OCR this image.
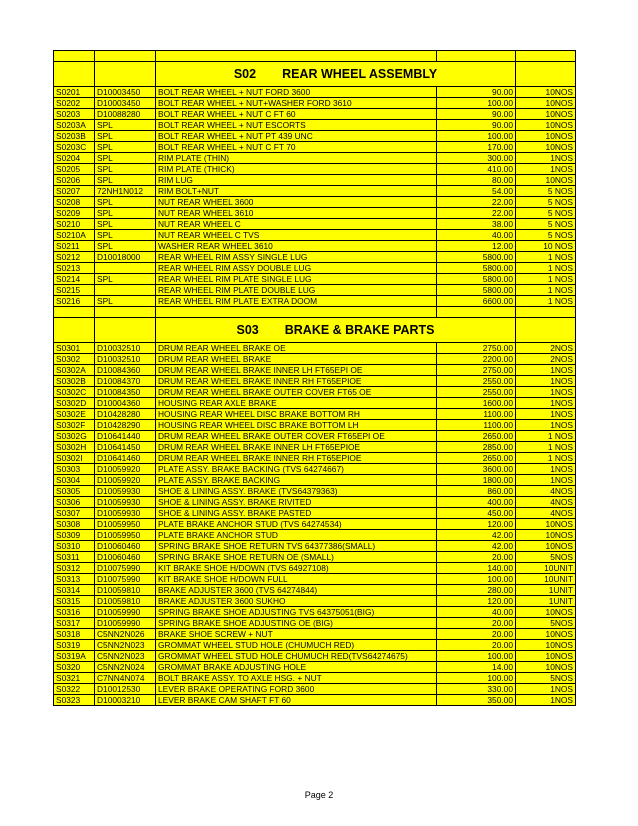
		S02 REAR WHEEL ASSEMBLY		
S0201	D10003450	BOLT REAR WHEEL + NUT FORD 3600	90.00	10NOS
S0202	D10003450	BOLT REAR WHEEL + NUT+WASHER FORD 3610	100.00	10NOS
S0203	D10088280	BOLT REAR WHEEL + NUT C FT 60	90.00	10NOS
S0203A	SPL	BOLT REAR WHEEL + NUT ESCORTS	90.00	10NOS
S0203B	SPL	BOLT REAR WHEEL + NUT PT 439 UNC	100.00	10NOS
S0203C	SPL	BOLT REAR WHEEL + NUT C FT 70	170.00	10NOS
S0204	SPL	RIM PLATE (THIN)	300.00	1NOS
S0205	SPL	RIM PLATE (THICK)	410.00	1NOS
S0206	SPL	RIM LUG	80.00	10NOS
S0207	72NH1N012	RIM BOLT+NUT	54.00	5 NOS
S0208	SPL	NUT REAR WHEEL 3600	22.00	5 NOS
S0209	SPL	NUT REAR WHEEL 3610	22.00	5 NOS
S0210	SPL	NUT REAR WHEEL C	38.00	5 NOS
S0210A	SPL	NUT REAR WHEEL C TVS	40.00	5 NOS
S0211	SPL	WASHER REAR WHEEL 3610	12.00	10 NOS
S0212	D10018000	REAR WHEEL RIM ASSY SINGLE LUG	5800.00	1 NOS
S0213		REAR WHEEL RIM ASSY DOUBLE LUG	5800.00	1 NOS
S0214	SPL	REAR WHEEL RIM PLATE SINGLE LUG	5800.00	1 NOS
S0215		REAR WHEEL RIM PLATE DOUBLE LUG	5800.00	1 NOS
S0216	SPL	REAR WHEEL RIM PLATE EXTRA DOOM	6600.00	1 NOS

		S03 BRAKE & BRAKE PARTS		
S0301	D10032510	DRUM REAR WHEEL BRAKE OE	2750.00	2NOS
S0302	D10032510	DRUM REAR WHEEL BRAKE	2200.00	2NOS
S0302A	D10084360	DRUM REAR WHEEL BRAKE INNER LH FT65EPI OE	2750.00	1NOS
S0302B	D10084370	DRUM REAR WHEEL BRAKE INNER RH FT65EPIOE	2550.00	1NOS
S0302C	D10084350	DRUM REAR WHEEL BRAKE OUTER COVER FT65 OE	2550.00	1NOS
S0302D	D10004360	HOUSING REAR AXLE BRAKE	1600.00	1NOS
S0302E	D10428280	HOUSING REAR WHEEL DISC BRAKE BOTTOM RH	1100.00	1NOS
S0302F	D10428290	HOUSING REAR WHEEL DISC BRAKE BOTTOM LH	1100.00	1NOS
S0302G	D10641440	DRUM REAR WHEEL BRAKE OUTER COVER FT65EPI OE	2650.00	1 NOS
S0302H	D10641450	DRUM REAR WHEEL BRAKE INNER LH FT65EPIOE	2850.00	1 NOS
S0302I	D10641460	DRUM REAR WHEEL BRAKE INNER RH FT65EPIOE	2650.00	1 NOS
S0303	D10059920	PLATE ASSY. BRAKE BACKING (TVS 64274667)	3600.00	1NOS
S0304	D10059920	PLATE ASSY. BRAKE BACKING	1800.00	1NOS
S0305	D10059930	SHOE & LINING ASSY. BRAKE (TVS64379363)	860.00	4NOS
S0306	D10059930	SHOE & LINING ASSY. BRAKE RIVITED	400.00	4NOS
S0307	D10059930	SHOE & LINING ASSY. BRAKE PASTED	450.00	4NOS
S0308	D10059950	PLATE BRAKE ANCHOR STUD (TVS 64274534)	120.00	10NOS
S0309	D10059950	PLATE BRAKE ANCHOR STUD	42.00	10NOS
S0310	D10060460	SPRING BRAKE SHOE RETURN TVS 64377386(SMALL)	42.00	10NOS
S0311	D10060460	SPRING BRAKE SHOE RETURN OE (SMALL)	20.00	5NOS
S0312	D10075990	KIT BRAKE SHOE H/DOWN (TVS 64927108)	140.00	10UNIT
S0313	D10075990	KIT BRAKE SHOE H/DOWN FULL	100.00	10UNIT
S0314	D10059810	BRAKE ADJUSTER 3600 (TVS 64274844)	280.00	1UNIT
S0315	D10059810	BRAKE ADJUSTER 3600 SUKHO	120.00	1UNIT
S0316	D10059990	SPRING BRAKE SHOE ADJUSTING TVS 64375051(BIG)	40.00	10NOS
S0317	D10059990	SPRING BRAKE SHOE ADJUSTING OE (BIG)	20.00	5NOS
S0318	C5NN2N026	BRAKE SHOE SCREW + NUT	20.00	10NOS
S0319	C5NN2N023	GROMMAT WHEEL STUD HOLE (CHUMUCH RED)	20.00	10NOS
S0319A	C5NN2N023	GROMMAT WHEEL STUD HOLE CHUMUCH RED(TVS64274675)	100.00	10NOS
S0320	C5NN2N024	GROMMAT BRAKE ADJUSTING HOLE	14.00	10NOS
S0321	C7NN4N074	BOLT BRAKE ASSY. TO AXLE HSG. + NUT	100.00	5NOS
S0322	D10012530	LEVER BRAKE OPERATING FORD 3600	330.00	1NOS
S0323	D10003210	LEVER BRAKE CAM SHAFT FT 60	350.00	1NOS
Page 2
